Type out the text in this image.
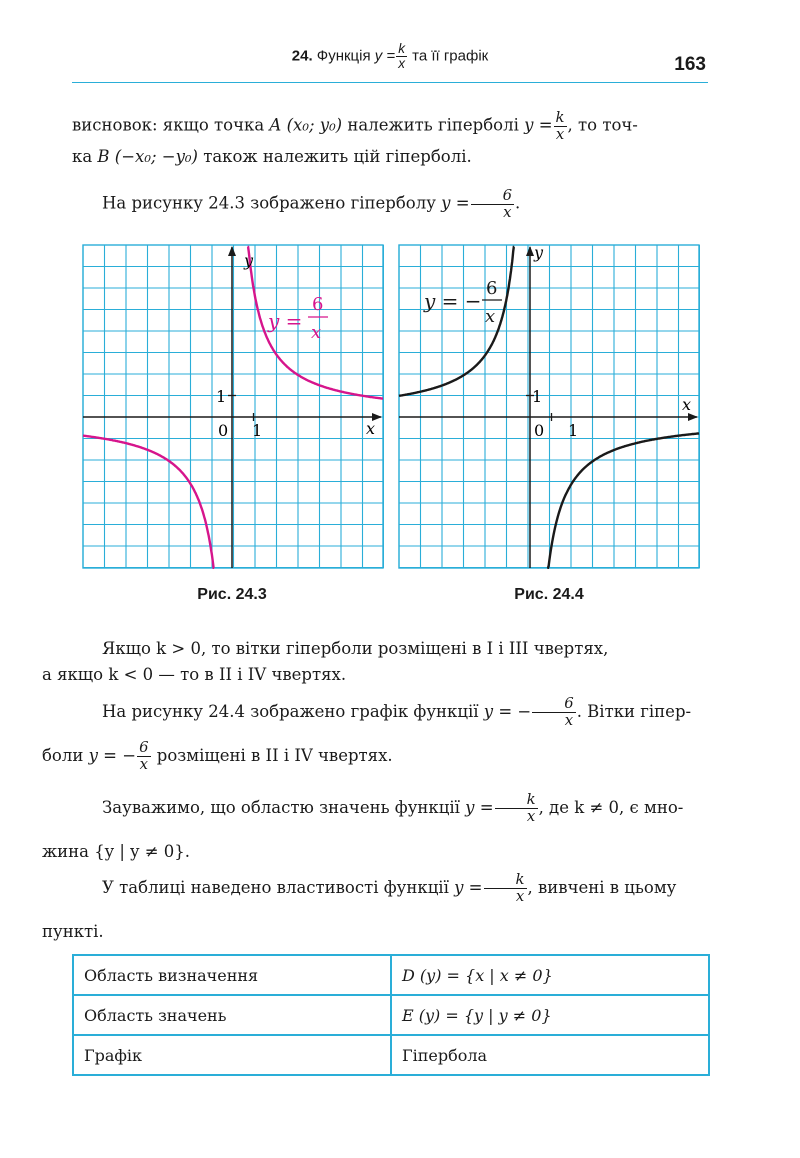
24. Функція $y = \frac{k}{x}$ та її графік	163
висновок: якщо точка A (x₀; y₀) належить гіперболі $y = \frac{k}{x}$ , то точ-
ка B (−x₀; −y₀) також належить цій гіперболі.
На рисунку 24.3 зображено гіперболу $y = \frac{6}{x}$ .
y
x
0 1
1
y =
6
x
Рис. 24.3
y
x
0 1
1
y = −
6
x
Рис. 24.4
Якщо k > 0, то вітки гіперболи розміщені в I і III чвертях,
а якщо k < 0 — то в II і IV чвертях.
На рисунку 24.4 зображено графік функції y = − $\frac{6}{x}$ . Вітки гіпер-
боли y = − $\frac{6}{x}$ розміщені в II і IV чвертях.
Зауважимо, що областю значень функції $y = \frac{k}{x}$ , де k ≠ 0, є мно-
жина {y | y ≠ 0}.
У таблиці наведено властивості функції $y = \frac{k}{x}$ , вивчені в цьому
пункті.
Область визначення	D (y) = {x | x ≠ 0}
Область значень	E (y) = {y | y ≠ 0}
Графік	Гіпербола
